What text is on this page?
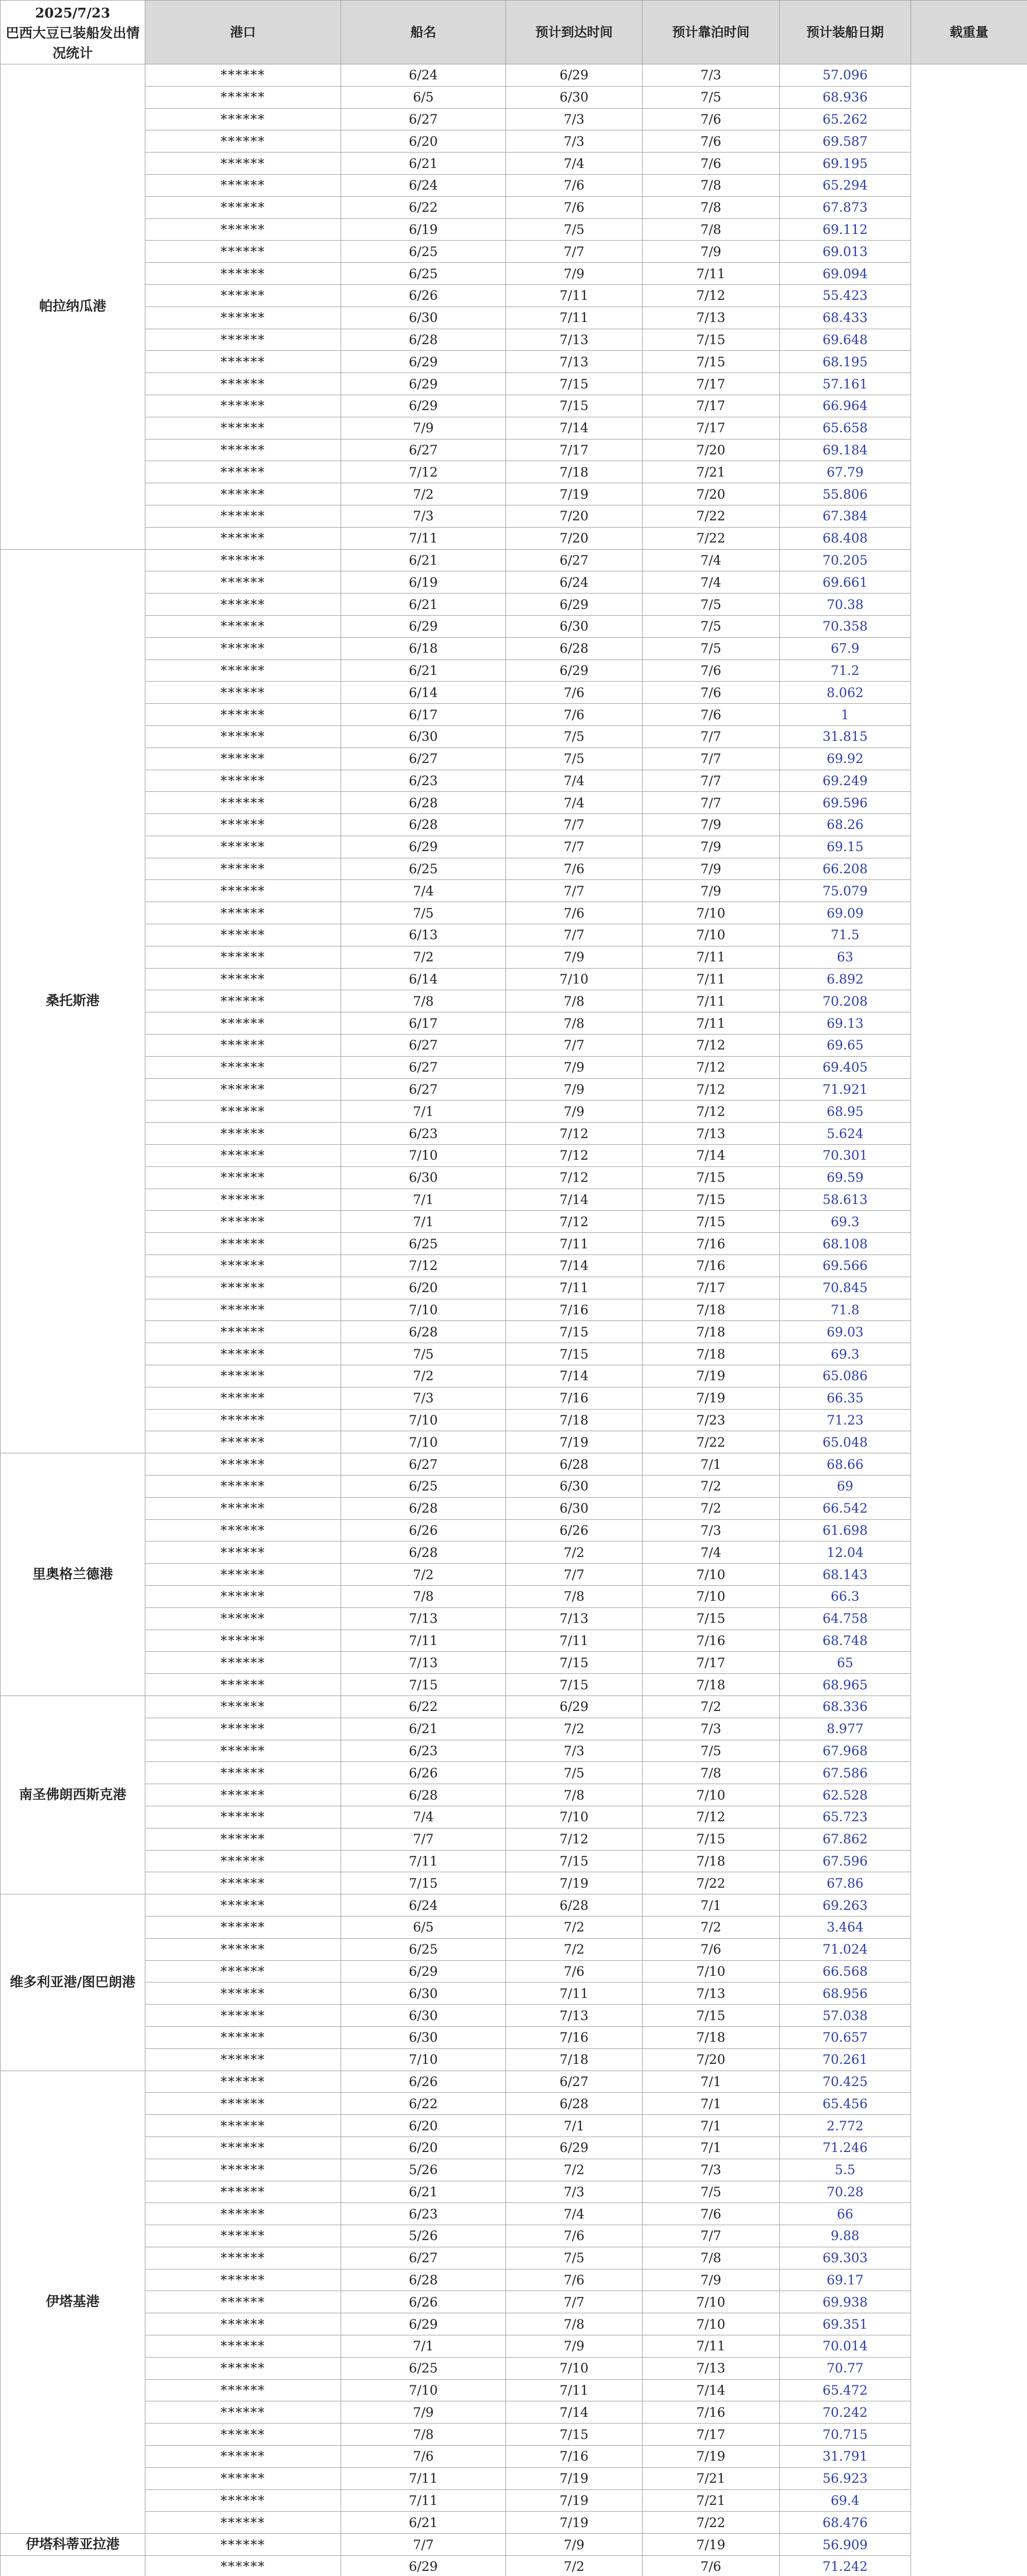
2025/7/23
巴西大豆已装船发出情况统计	港口	船名	预计到达时间	预计靠泊时间	预计装船日期	载重量
帕拉纳瓜港	******	6/24	6/29	7/3	57.096	
	******	6/5	6/30	7/5	68.936	
	******	6/27	7/3	7/6	65.262	
	******	6/20	7/3	7/6	69.587	
	******	6/21	7/4	7/6	69.195	
	******	6/24	7/6	7/8	65.294	
	******	6/22	7/6	7/8	67.873	
	******	6/19	7/5	7/8	69.112	
	******	6/25	7/7	7/9	69.013	
	******	6/25	7/9	7/11	69.094	
	******	6/26	7/11	7/12	55.423	
	******	6/30	7/11	7/13	68.433	
	******	6/28	7/13	7/15	69.648	
	******	6/29	7/13	7/15	68.195	
	******	6/29	7/15	7/17	57.161	
	******	6/29	7/15	7/17	66.964	
	******	7/9	7/14	7/17	65.658	
	******	6/27	7/17	7/20	69.184	
	******	7/12	7/18	7/21	67.79	
	******	7/2	7/19	7/20	55.806	
	******	7/3	7/20	7/22	67.384	
	******	7/11	7/20	7/22	68.408	
桑托斯港	******	6/21	6/27	7/4	70.205	
	******	6/19	6/24	7/4	69.661	
	******	6/21	6/29	7/5	70.38	
	******	6/29	6/30	7/5	70.358	
	******	6/18	6/28	7/5	67.9	
	******	6/21	6/29	7/6	71.2	
	******	6/14	7/6	7/6	8.062	
	******	6/17	7/6	7/6	1	
	******	6/30	7/5	7/7	31.815	
	******	6/27	7/5	7/7	69.92	
	******	6/23	7/4	7/7	69.249	
	******	6/28	7/4	7/7	69.596	
	******	6/28	7/7	7/9	68.26	
	******	6/29	7/7	7/9	69.15	
	******	6/25	7/6	7/9	66.208	
	******	7/4	7/7	7/9	75.079	
	******	7/5	7/6	7/10	69.09	
	******	6/13	7/7	7/10	71.5	
	******	7/2	7/9	7/11	63	
	******	6/14	7/10	7/11	6.892	
	******	7/8	7/8	7/11	70.208	
	******	6/17	7/8	7/11	69.13	
	******	6/27	7/7	7/12	69.65	
	******	6/27	7/9	7/12	69.405	
	******	6/27	7/9	7/12	71.921	
	******	7/1	7/9	7/12	68.95	
	******	6/23	7/12	7/13	5.624	
	******	7/10	7/12	7/14	70.301	
	******	6/30	7/12	7/15	69.59	
	******	7/1	7/14	7/15	58.613	
	******	7/1	7/12	7/15	69.3	
	******	6/25	7/11	7/16	68.108	
	******	7/12	7/14	7/16	69.566	
	******	6/20	7/11	7/17	70.845	
	******	7/10	7/16	7/18	71.8	
	******	6/28	7/15	7/18	69.03	
	******	7/5	7/15	7/18	69.3	
	******	7/2	7/14	7/19	65.086	
	******	7/3	7/16	7/19	66.35	
	******	7/10	7/18	7/23	71.23	
	******	7/10	7/19	7/22	65.048	
里奥格兰德港	******	6/27	6/28	7/1	68.66	
	******	6/25	6/30	7/2	69	
	******	6/28	6/30	7/2	66.542	
	******	6/26	6/26	7/3	61.698	
	******	6/28	7/2	7/4	12.04	
	******	7/2	7/7	7/10	68.143	
	******	7/8	7/8	7/10	66.3	
	******	7/13	7/13	7/15	64.758	
	******	7/11	7/11	7/16	68.748	
	******	7/13	7/15	7/17	65	
	******	7/15	7/15	7/18	68.965	
南圣佛朗西斯克港	******	6/22	6/29	7/2	68.336	
	******	6/21	7/2	7/3	8.977	
	******	6/23	7/3	7/5	67.968	
	******	6/26	7/5	7/8	67.586	
	******	6/28	7/8	7/10	62.528	
	******	7/4	7/10	7/12	65.723	
	******	7/7	7/12	7/15	67.862	
	******	7/11	7/15	7/18	67.596	
	******	7/15	7/19	7/22	67.86	
维多利亚港/图巴朗港	******	6/24	6/28	7/1	69.263	
	******	6/5	7/2	7/2	3.464	
	******	6/25	7/2	7/6	71.024	
	******	6/29	7/6	7/10	66.568	
	******	6/30	7/11	7/13	68.956	
	******	6/30	7/13	7/15	57.038	
	******	6/30	7/16	7/18	70.657	
	******	7/10	7/18	7/20	70.261	
伊塔基港	******	6/26	6/27	7/1	70.425	
	******	6/22	6/28	7/1	65.456	
	******	6/20	7/1	7/1	2.772	
	******	6/20	6/29	7/1	71.246	
	******	5/26	7/2	7/3	5.5	
	******	6/21	7/3	7/5	70.28	
	******	6/23	7/4	7/6	66	
	******	5/26	7/6	7/7	9.88	
	******	6/27	7/5	7/8	69.303	
	******	6/28	7/6	7/9	69.17	
	******	6/26	7/7	7/10	69.938	
	******	6/29	7/8	7/10	69.351	
	******	7/1	7/9	7/11	70.014	
	******	6/25	7/10	7/13	70.77	
	******	7/10	7/11	7/14	65.472	
	******	7/9	7/14	7/16	70.242	
	******	7/8	7/15	7/17	70.715	
	******	7/6	7/16	7/19	31.791	
	******	7/11	7/19	7/21	56.923	
	******	7/11	7/19	7/21	69.4	
	******	6/21	7/19	7/22	68.476	
伊塔科蒂亚拉港	******	7/7	7/9	7/19	56.909	
	******	6/29	7/2	7/6	71.242	
